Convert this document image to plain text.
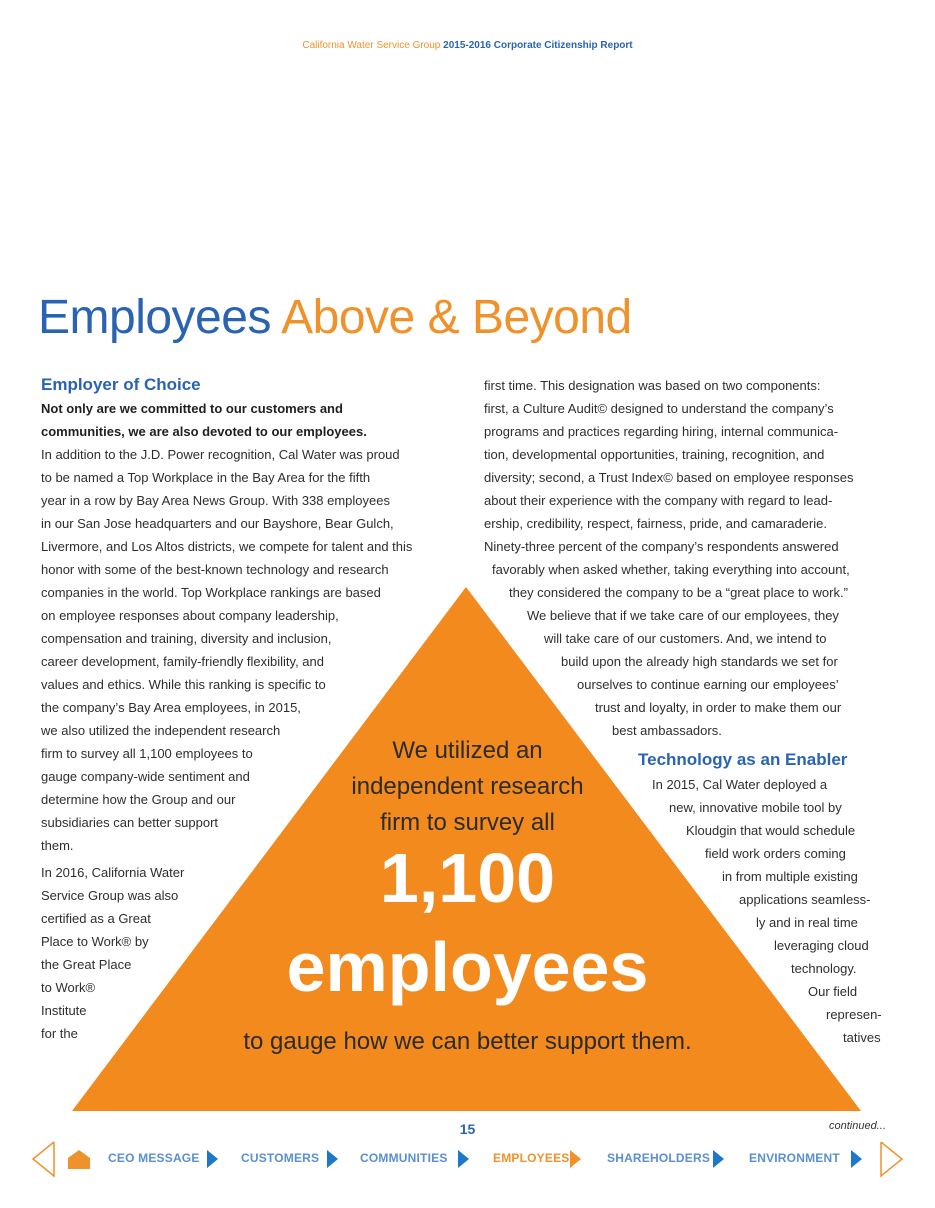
California Water Service Group 2015-2016 Corporate Citizenship Report
Employees Above & Beyond
Employer of Choice
Not only are we committed to our customers and
communities, we are also devoted to our employees.
In addition to the J.D. Power recognition, Cal Water was proud
to be named a Top Workplace in the Bay Area for the fifth
year in a row by Bay Area News Group. With 338 employees
in our San Jose headquarters and our Bayshore, Bear Gulch,
Livermore, and Los Altos districts, we compete for talent and this
honor with some of the best-known technology and research
companies in the world. Top Workplace rankings are based
on employee responses about company leadership,
compensation and training, diversity and inclusion,
career development, family-friendly flexibility, and
values and ethics. While this ranking is specific to
the company’s Bay Area employees, in 2015,
we also utilized the independent research
firm to survey all 1,100 employees to
gauge company-wide sentiment and
determine how the Group and our
subsidiaries can better support
them.
In 2016, California Water
Service Group was also
certified as a Great
Place to Work® by
the Great Place
to Work®
Institute
for the
first time. This designation was based on two components:
first, a Culture Audit© designed to understand the company’s
programs and practices regarding hiring, internal communica-
tion, developmental opportunities, training, recognition, and
diversity; second, a Trust Index© based on employee responses
about their experience with the company with regard to lead-
ership, credibility, respect, fairness, pride, and camaraderie.
Ninety-three percent of the company’s respondents answered
favorably when asked whether, taking everything into account,
they considered the company to be a “great place to work.”
We believe that if we take care of our employees, they
will take care of our customers. And, we intend to
build upon the already high standards we set for
ourselves to continue earning our employees’
trust and loyalty, in order to make them our
best ambassadors.
Technology as an Enabler
In 2015, Cal Water deployed a
new, innovative mobile tool by
Kloudgin that would schedule
field work orders coming
in from multiple existing
applications seamless-
ly and in real time
leveraging cloud
technology.
Our field
represen-
tatives
We utilized an
independent research
firm to survey all
1,100
employees
to gauge how we can better support them.
15	continued...
CEO MESSAGE	CUSTOMERS	COMMUNITIES	EMPLOYEES	SHAREHOLDERS	ENVIRONMENT
